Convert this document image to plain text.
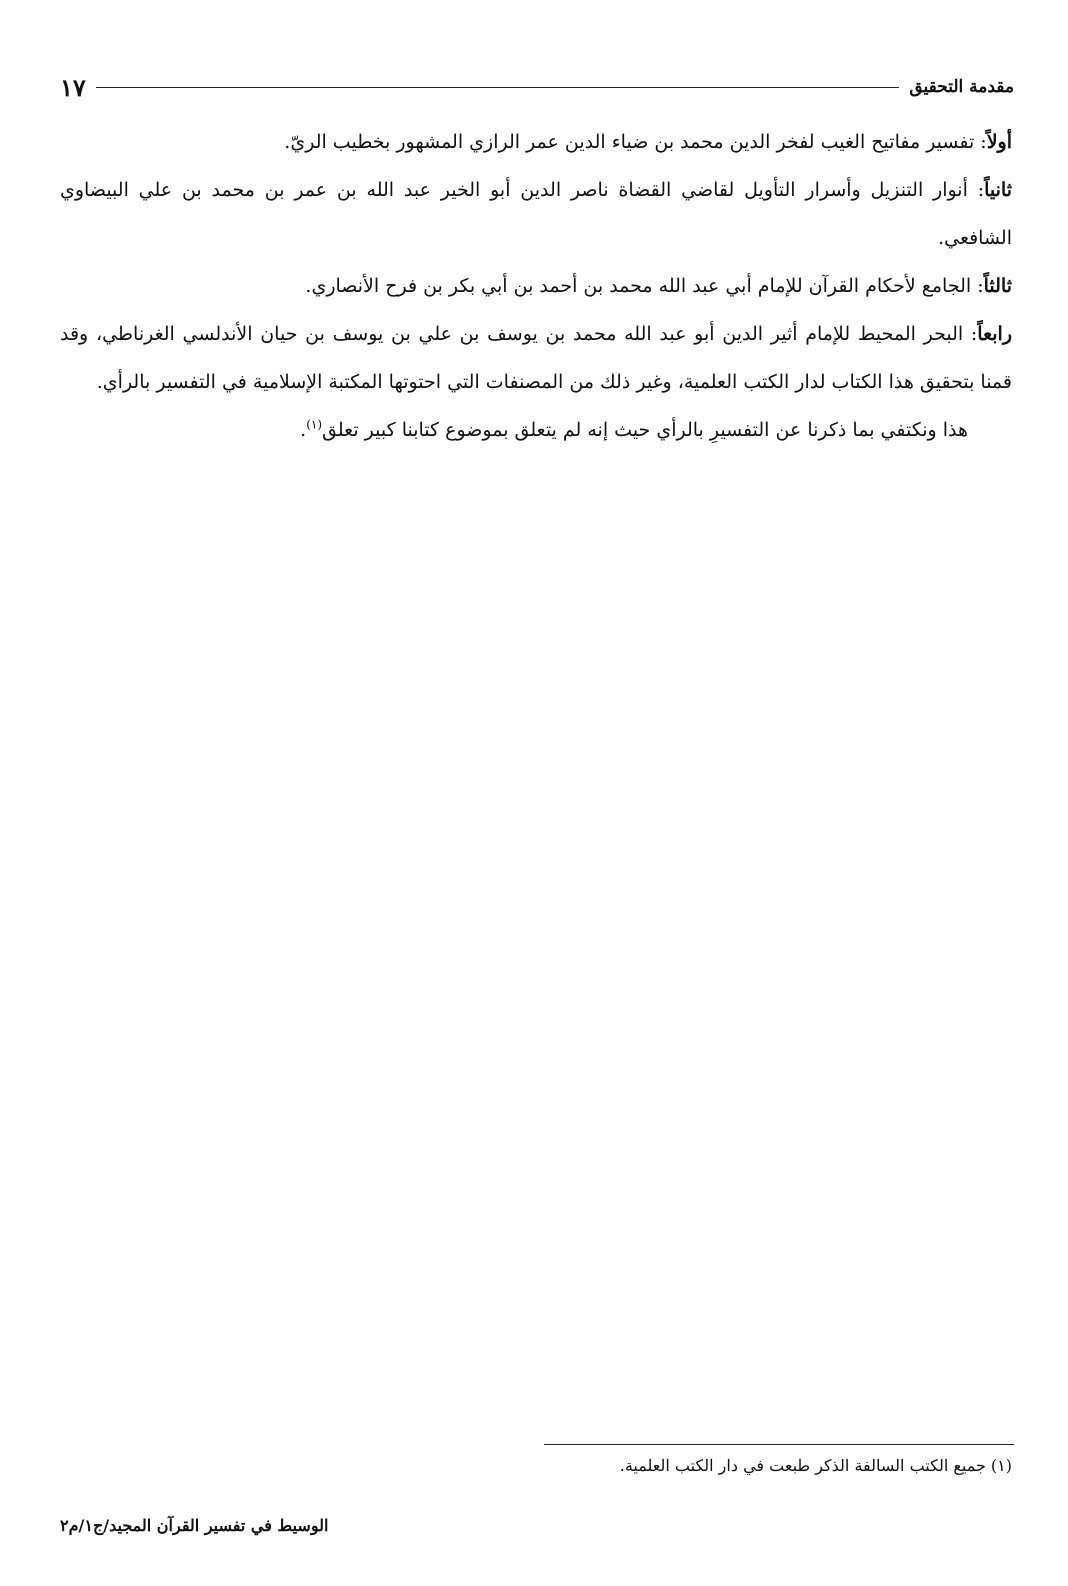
مقدمة التحقيق
١٧

أولاً: تفسير مفاتيح الغيب لفخر الدين محمد بن ضياء الدين عمر الرازي المشهور بخطيب الريّ.

ثانياً: أنوار التنزيل وأسرار التأويل لقاضي القضاة ناصر الدين أبو الخير عبد الله بن عمر بن محمد بن علي البيضاوي الشافعي.

ثالثاً: الجامع لأحكام القرآن للإمام أبي عبد الله محمد بن أحمد بن أبي بكر بن فرح الأنصاري.

رابعاً: البحر المحيط للإمام أثير الدين أبو عبد الله محمد بن يوسف بن علي بن يوسف بن حيان الأندلسي الغرناطي، وقد قمنا بتحقيق هذا الكتاب لدار الكتب العلمية، وغير ذلك من المصنفات التي احتوتها المكتبة الإسلامية في التفسير بالرأي.

هذا ونكتفي بما ذكرنا عن التفسيرِ بالرأي حيث إنه لم يتعلق بموضوع كتابنا كبير تعلق$^{(١)}$.

(١) جميع الكتب السالفة الذكر طبعت في دار الكتب العلمية.
الوسيط في تفسير القرآن المجيد/ج١/م٢
